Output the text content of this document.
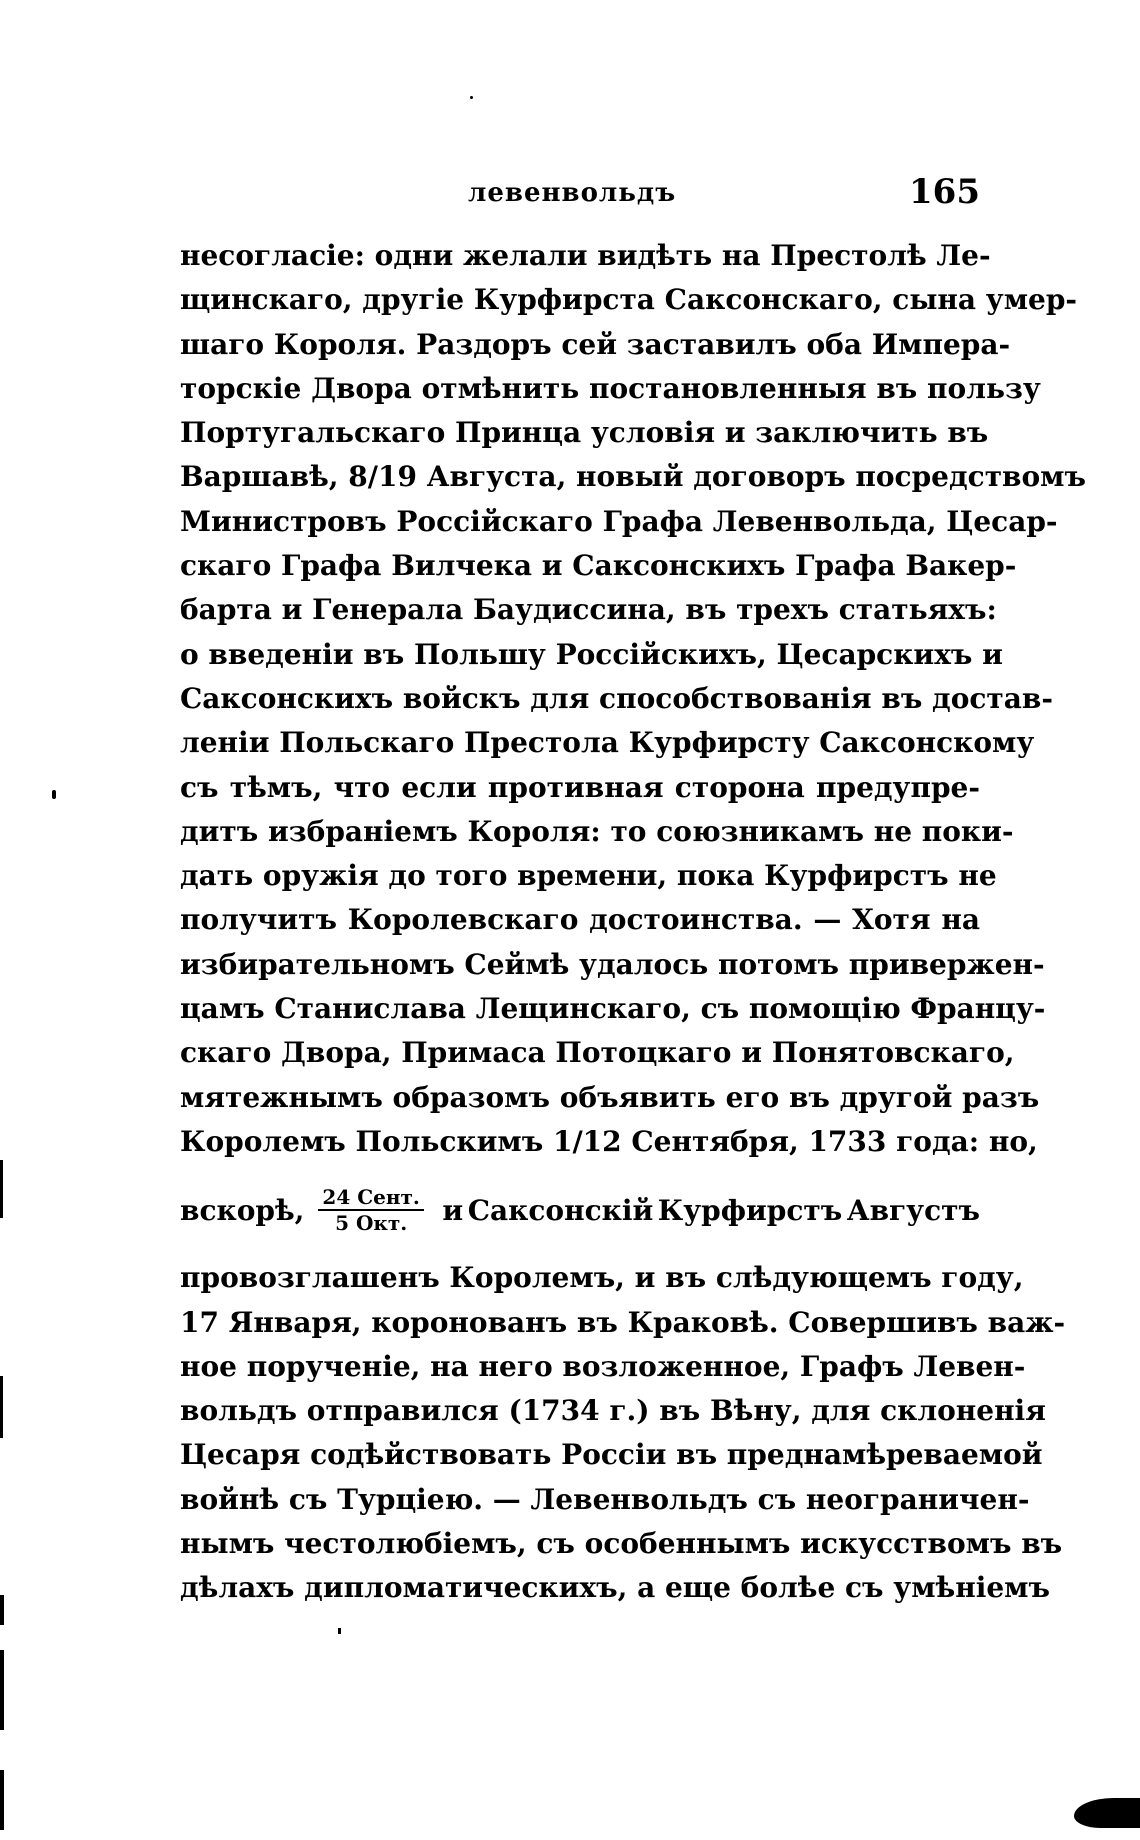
левенвольдъ	165
несогласіе: одни желали видѣть на Престолѣ Ле-
щинскаго, другіе Курфирста Саксонскаго, сына умер-
шаго Короля. Раздоръ сей заставилъ оба Импера-
торскіе Двора отмѣнить постановленныя въ пользу
Португальскаго Принца условія и заключить въ
Варшавѣ, 8/19 Августа, новый договоръ посредствомъ
Министровъ Россійскаго Графа Левенвольда, Цесар-
скаго Графа Вилчека и Саксонскихъ Графа Вакер-
барта и Генерала Баудиссина, въ трехъ статьяхъ:
о введеніи въ Польшу Россійскихъ, Цесарскихъ и
Саксонскихъ войскъ для способствованія въ достав-
леніи Польскаго Престола Курфирсту Саксонскому
съ тѣмъ, что если противная сторона предупре-
дитъ избраніемъ Короля: то союзникамъ не поки-
дать оружія до того времени, пока Курфирстъ не
получитъ Королевскаго достоинства. — Хотя на
избирательномъ Сеймѣ удалось потомъ привержен-
цамъ Станислава Лещинскаго, съ помощію Францу-
скаго Двора, Примаса Потоцкаго и Понятовскаго,
мятежнымъ образомъ объявить его въ другой разъ
Королемъ Польскимъ 1/12 Сентября, 1733 года: но,
вскорѣ, $\frac{\text{24 Сент.}}{\text{5 Окт.}}$ и Саксонскій Курфирстъ Августъ
провозглашенъ Королемъ, и въ слѣдующемъ году,
17 Января, коронованъ въ Краковѣ. Совершивъ важ-
ное порученіе, на него возложенное, Графъ Левен-
вольдъ отправился (1734 г.) въ Вѣну, для склоненія
Цесаря содѣйствовать Россіи въ преднамѣреваемой
войнѣ съ Турціею. — Левенвольдъ съ неограничен-
нымъ честолюбіемъ, съ особеннымъ искусствомъ въ
дѣлахъ дипломатическихъ, а еще болѣе съ умѣніемъ
